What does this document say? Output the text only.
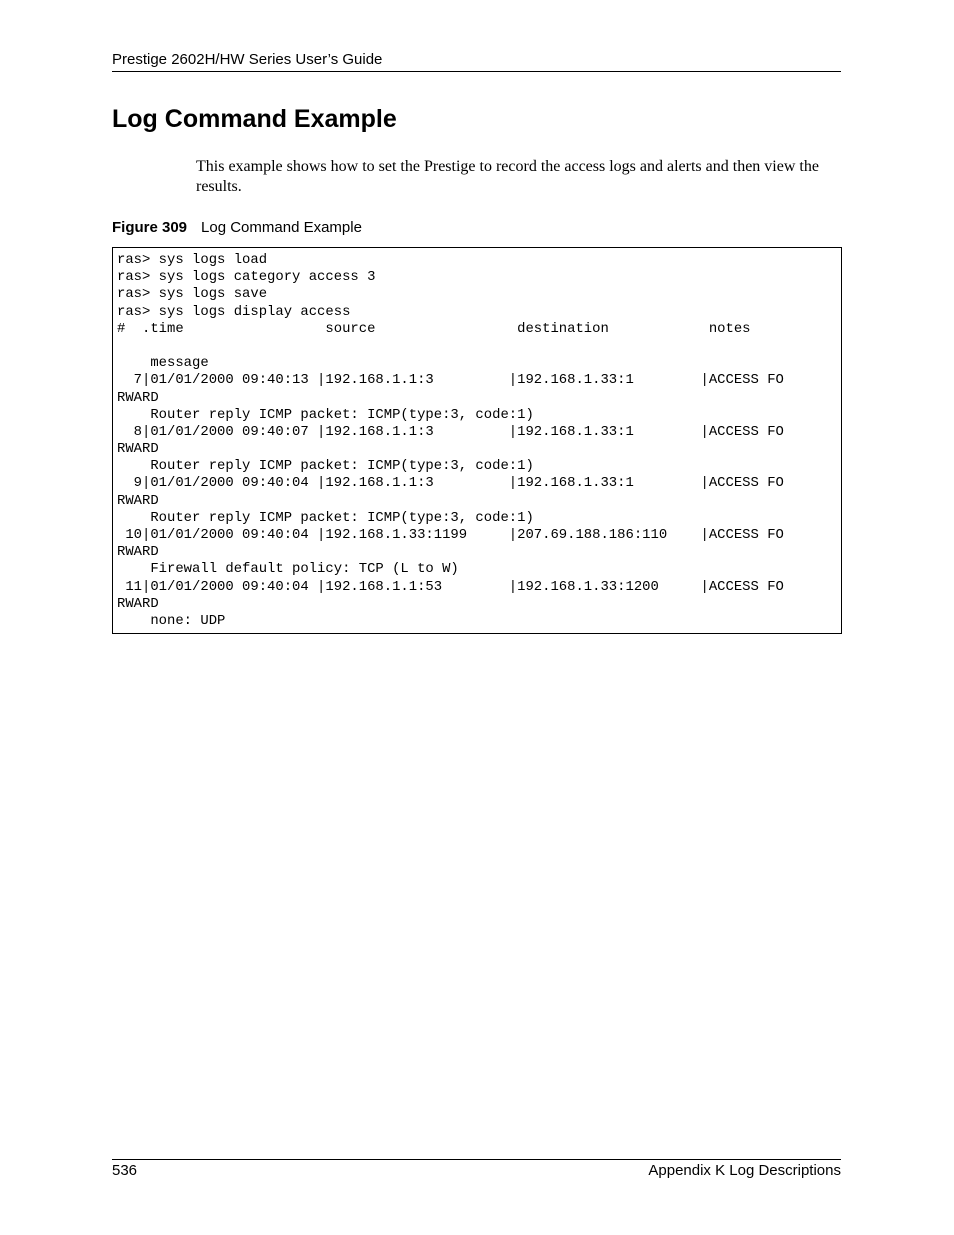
Prestige 2602H/HW Series User’s Guide
Log Command Example

This example shows how to set the Prestige to record the access logs and alerts and then view the results.

Figure 309 Log Command Example
ras> sys logs load
ras> sys logs category access 3
ras> sys logs save
ras> sys logs display access
#  .time                 source                 destination            notes
message
7|01/01/2000 09:40:13 |192.168.1.1:3         |192.168.1.33:1        |ACCESS FO
RWARD
Router reply ICMP packet: ICMP(type:3, code:1)
8|01/01/2000 09:40:07 |192.168.1.1:3         |192.168.1.33:1        |ACCESS FO
RWARD
Router reply ICMP packet: ICMP(type:3, code:1)
9|01/01/2000 09:40:04 |192.168.1.1:3         |192.168.1.33:1        |ACCESS FO
RWARD
Router reply ICMP packet: ICMP(type:3, code:1)
10|01/01/2000 09:40:04 |192.168.1.33:1199     |207.69.188.186:110    |ACCESS FO
RWARD
Firewall default policy: TCP (L to W)
11|01/01/2000 09:40:04 |192.168.1.1:53        |192.168.1.33:1200     |ACCESS FO
RWARD
none: UDP
536	Appendix K Log Descriptions
